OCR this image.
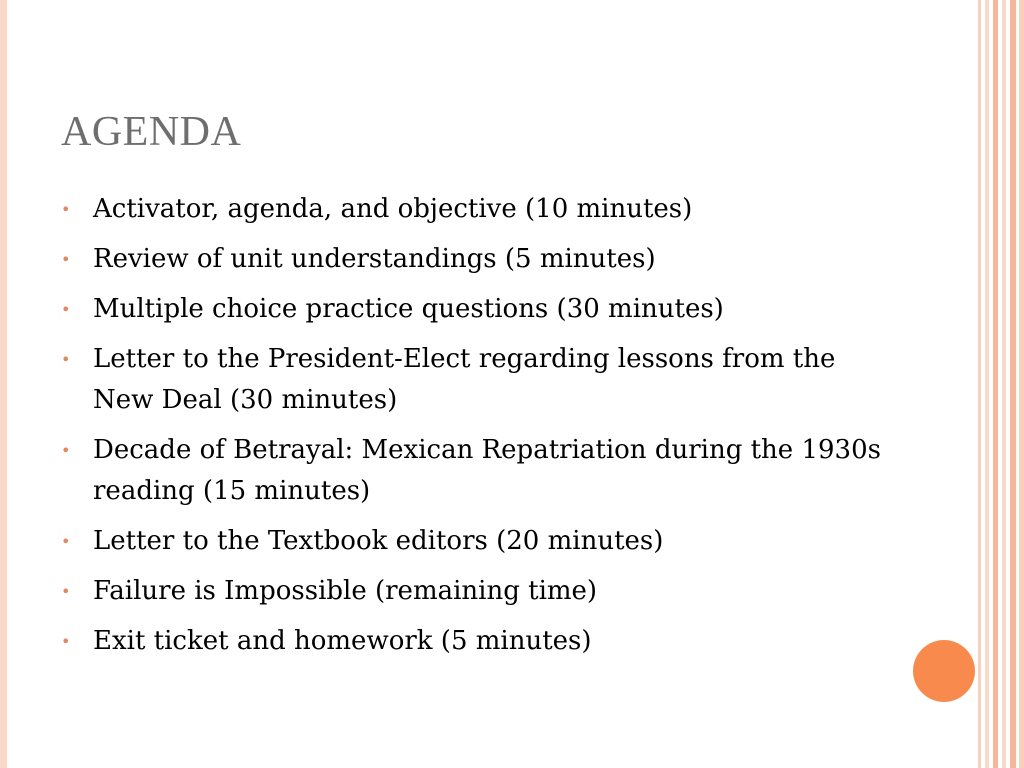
AGENDA
• Activator, agenda, and objective (10 minutes)
• Review of unit understandings (5 minutes)
• Multiple choice practice questions (30 minutes)
• Letter to the President-Elect regarding lessons from the New Deal (30 minutes)
• Decade of Betrayal: Mexican Repatriation during the 1930s reading (15 minutes)
• Letter to the Textbook editors (20 minutes)
• Failure is Impossible (remaining time)
• Exit ticket and homework (5 minutes)
